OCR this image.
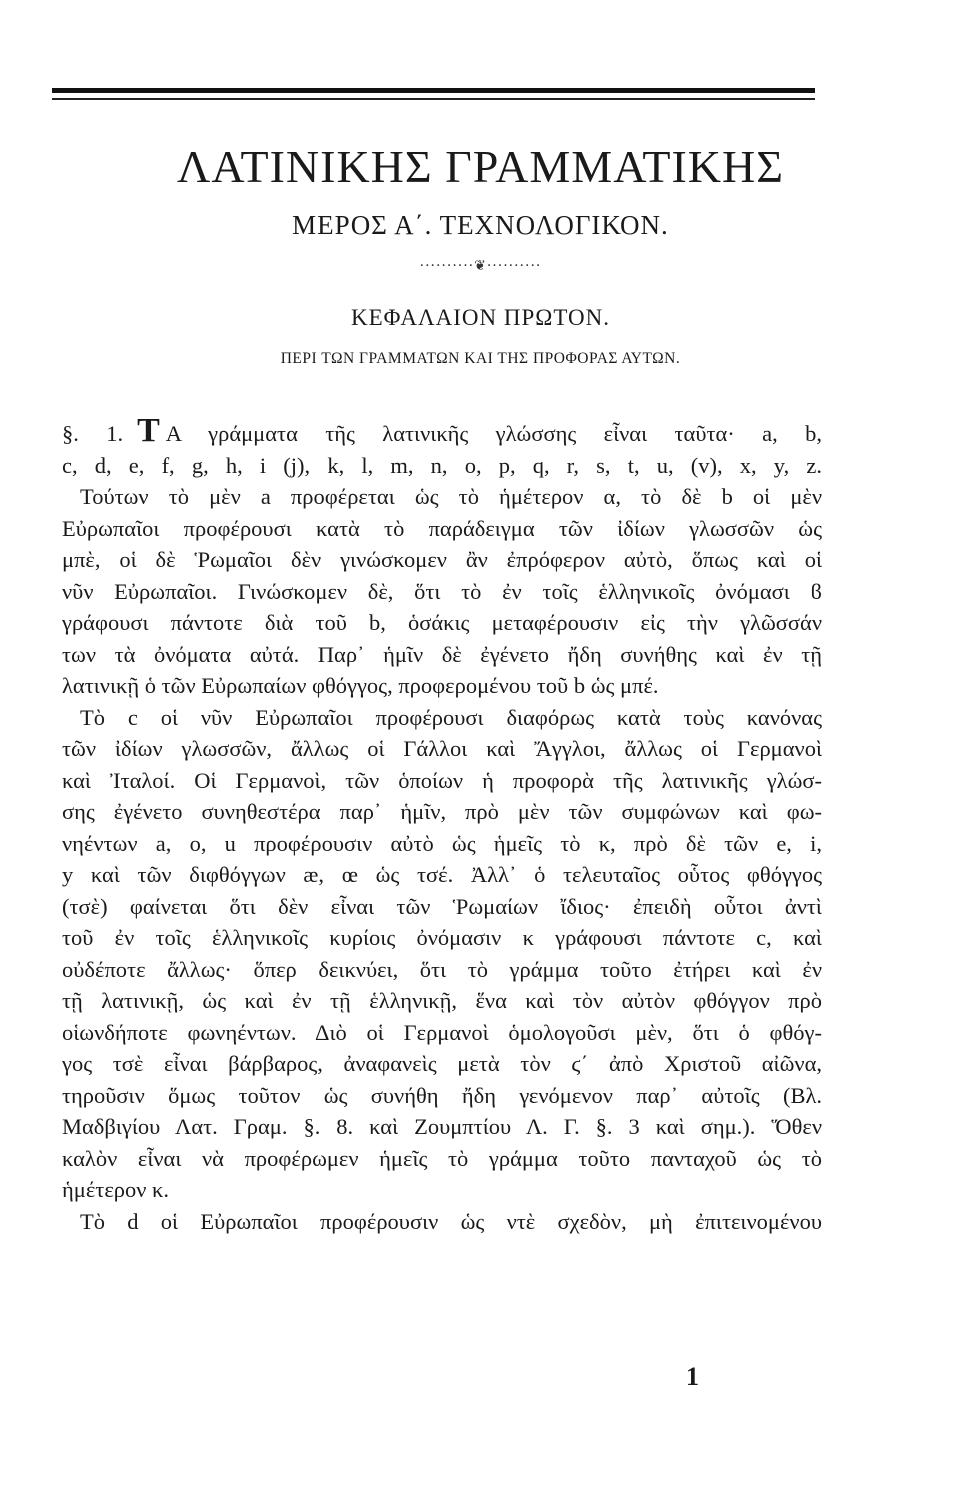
ΛΑΤΙΝΙΚΗΣ ΓΡΑΜΜΑΤΙΚΗΣ
ΜΕΡΟΣ Α΄. ΤΕΧΝΟΛΟΓΙΚΟΝ.
··········❦··········
ΚΕΦΑΛΑΙΟΝ ΠΡΩΤΟΝ.
ΠΕΡΙ ΤΩΝ ΓΡΑΜΜΑΤΩΝ ΚΑΙ ΤΗΣ ΠΡΟΦΟΡΑΣ ΑΥΤΩΝ.
§. 1. Τ Α γράμματα τῆς λατινικῆς γλώσσης εἶναι ταῦτα· a, b,
c, d, e, f, g, h, i (j), k, l, m, n, o, p, q, r, s, t, u, (v), x, y, z.
Τούτων τὸ μὲν a προφέρεται ὡς τὸ ἡμέτερον α, τὸ δὲ b οἱ μὲν
Εὐρωπαῖοι προφέρουσι κατὰ τὸ παράδειγμα τῶν ἰδίων γλωσσῶν ὡς
μπὲ, οἱ δὲ Ῥωμαῖοι δὲν γινώσκομεν ἂν ἐπρόφερον αὐτὸ, ὅπως καὶ οἱ
νῦν Εὐρωπαῖοι. Γινώσκομεν δὲ, ὅτι τὸ ἐν τοῖς ἑλληνικοῖς ὀνόμασι ϐ
γράφουσι πάντοτε διὰ τοῦ b, ὁσάκις μεταφέρουσιν εἰς τὴν γλῶσσάν
των τὰ ὀνόματα αὐτά. Παρ᾽ ἡμῖν δὲ ἐγένετο ἤδη συνήθης καὶ ἐν τῇ
λατινικῇ ὁ τῶν Εὐρωπαίων φθόγγος, προφερομένου τοῦ b ὡς μπέ.
Τὸ c οἱ νῦν Εὐρωπαῖοι προφέρουσι διαφόρως κατὰ τοὺς κανόνας
τῶν ἰδίων γλωσσῶν, ἄλλως οἱ Γάλλοι καὶ Ἄγγλοι, ἄλλως οἱ Γερμανοὶ
καὶ Ἰταλοί. Οἱ Γερμανοὶ, τῶν ὁποίων ἡ προφορὰ τῆς λατινικῆς γλώσ-
σης ἐγένετο συνηθεστέρα παρ᾽ ἡμῖν, πρὸ μὲν τῶν συμφώνων καὶ φω-
νηέντων a, o, u προφέρουσιν αὐτὸ ὡς ἡμεῖς τὸ κ, πρὸ δὲ τῶν e, i,
y καὶ τῶν διφθόγγων æ, œ ὡς τσέ. Ἀλλ᾽ ὁ τελευταῖος οὗτος φθόγγος
(τσὲ) φαίνεται ὅτι δὲν εἶναι τῶν Ῥωμαίων ἴδιος· ἐπειδὴ οὗτοι ἀντὶ
τοῦ ἐν τοῖς ἑλληνικοῖς κυρίοις ὀνόμασιν κ γράφουσι πάντοτε c, καὶ
οὐδέποτε ἄλλως· ὅπερ δεικνύει, ὅτι τὸ γράμμα τοῦτο ἐτήρει καὶ ἐν
τῇ λατινικῇ, ὡς καὶ ἐν τῇ ἑλληνικῇ, ἕνα καὶ τὸν αὐτὸν φθόγγον πρὸ
οἱωνδήποτε φωνηέντων. Διὸ οἱ Γερμανοὶ ὁμολογοῦσι μὲν, ὅτι ὁ φθόγ-
γος τσὲ εἶναι βάρβαρος, ἀναφανεὶς μετὰ τὸν ϛ΄ ἀπὸ Χριστοῦ αἰῶνα,
τηροῦσιν ὅμως τοῦτον ὡς συνήθη ἤδη γενόμενον παρ᾽ αὐτοῖς (Βλ.
Μαδβιγίου Λατ. Γραμ. §. 8. καὶ Ζουμπτίου Λ. Γ. §. 3 καὶ σημ.). Ὅθεν
καλὸν εἶναι νὰ προφέρωμεν ἡμεῖς τὸ γράμμα τοῦτο πανταχοῦ ὡς τὸ
ἡμέτερον κ.
Τὸ d οἱ Εὐρωπαῖοι προφέρουσιν ὡς ντὲ σχεδὸν, μὴ ἐπιτεινομένου
1
